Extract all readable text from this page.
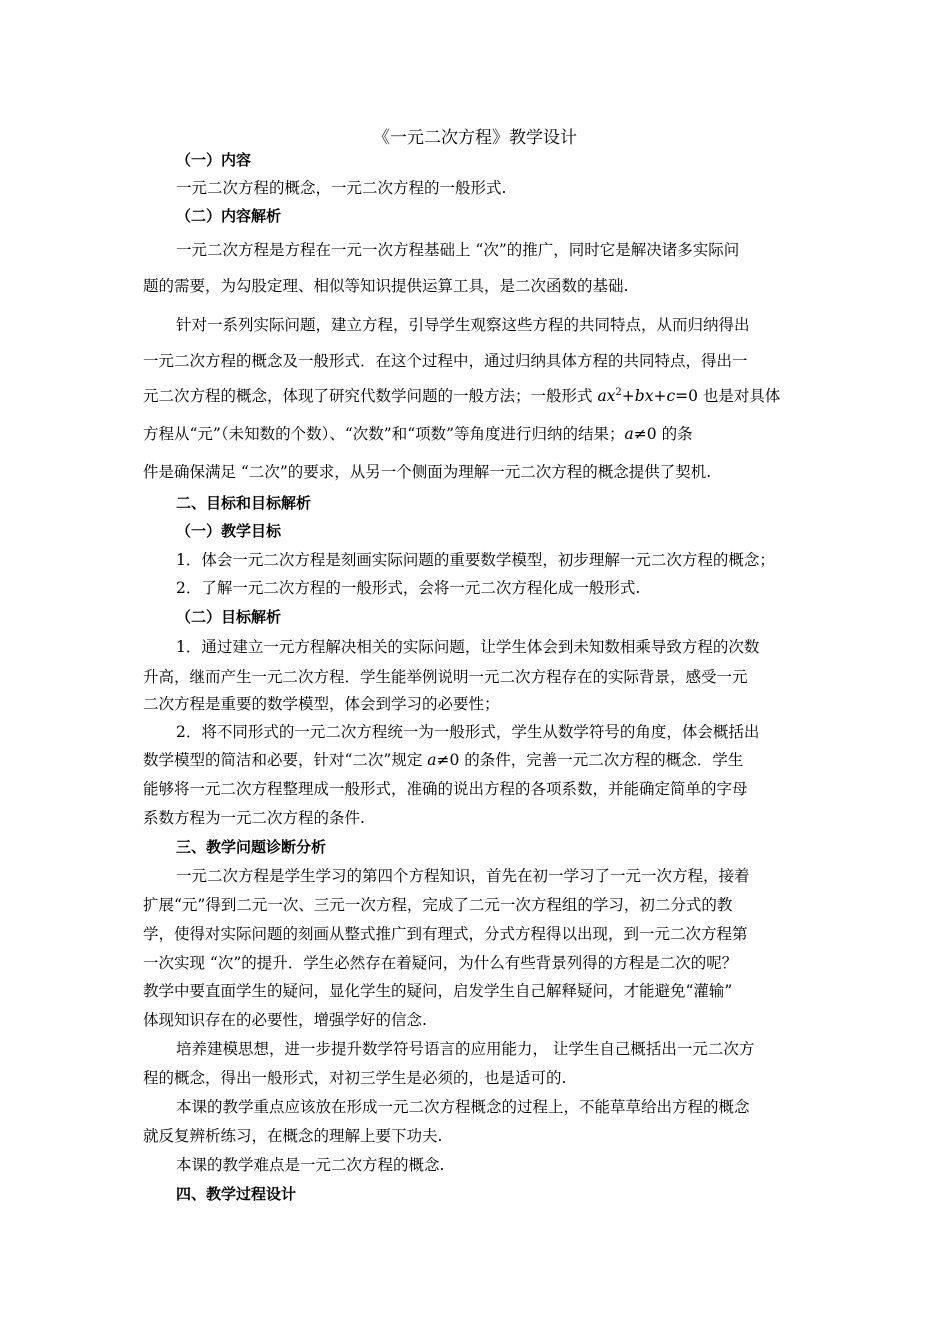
《一元二次方程》教学设计
（一）内容
一元二次方程的概念，一元二次方程的一般形式.
（二）内容解析
一元二次方程是方程在一元一次方程基础上 “次”的推广，同时它是解决诸多实际问
题的需要，为勾股定理、相似等知识提供运算工具，是二次函数的基础.
针对一系列实际问题，建立方程，引导学生观察这些方程的共同特点，从而归纳得出
一元二次方程的概念及一般形式．在这个过程中，通过归纳具体方程的共同特点，得出一
元二次方程的概念，体现了研究代数学问题的一般方法；一般形式 $ax^2+bx+c=0$ 也是对具体
方程从“元”（未知数的个数）、“次数”和“项数”等角度进行归纳的结果；a≠0 的条
件是确保满足 “二次”的要求，从另一个侧面为理解一元二次方程的概念提供了契机.
二、目标和目标解析
（一）教学目标
1．体会一元二次方程是刻画实际问题的重要数学模型，初步理解一元二次方程的概念；
2．了解一元二次方程的一般形式，会将一元二次方程化成一般形式.
（二）目标解析
1．通过建立一元方程解决相关的实际问题，让学生体会到未知数相乘导致方程的次数
升高，继而产生一元二次方程．学生能举例说明一元二次方程存在的实际背景，感受一元
二次方程是重要的数学模型，体会到学习的必要性；
2．将不同形式的一元二次方程统一为一般形式，学生从数学符号的角度，体会概括出
数学模型的简洁和必要，针对“二次”规定 a≠0 的条件，完善一元二次方程的概念．学生
能够将一元二次方程整理成一般形式，准确的说出方程的各项系数，并能确定简单的字母
系数方程为一元二次方程的条件.
三、教学问题诊断分析
一元二次方程是学生学习的第四个方程知识，首先在初一学习了一元一次方程，接着
扩展“元”得到二元一次、三元一次方程，完成了二元一次方程组的学习，初二分式的教
学，使得对实际问题的刻画从整式推广到有理式，分式方程得以出现，到一元二次方程第
一次实现 “次”的提升．学生必然存在着疑问，为什么有些背景列得的方程是二次的呢？
教学中要直面学生的疑问，显化学生的疑问，启发学生自己解释疑问，才能避免“灌输”
体现知识存在的必要性，增强学好的信念.
培养建模思想，进一步提升数学符号语言的应用能力， 让学生自己概括出一元二次方
程的概念，得出一般形式，对初三学生是必须的，也是适可的.
本课的教学重点应该放在形成一元二次方程概念的过程上，不能草草给出方程的概念
就反复辨析练习，在概念的理解上要下功夫.
本课的教学难点是一元二次方程的概念.
四、教学过程设计
